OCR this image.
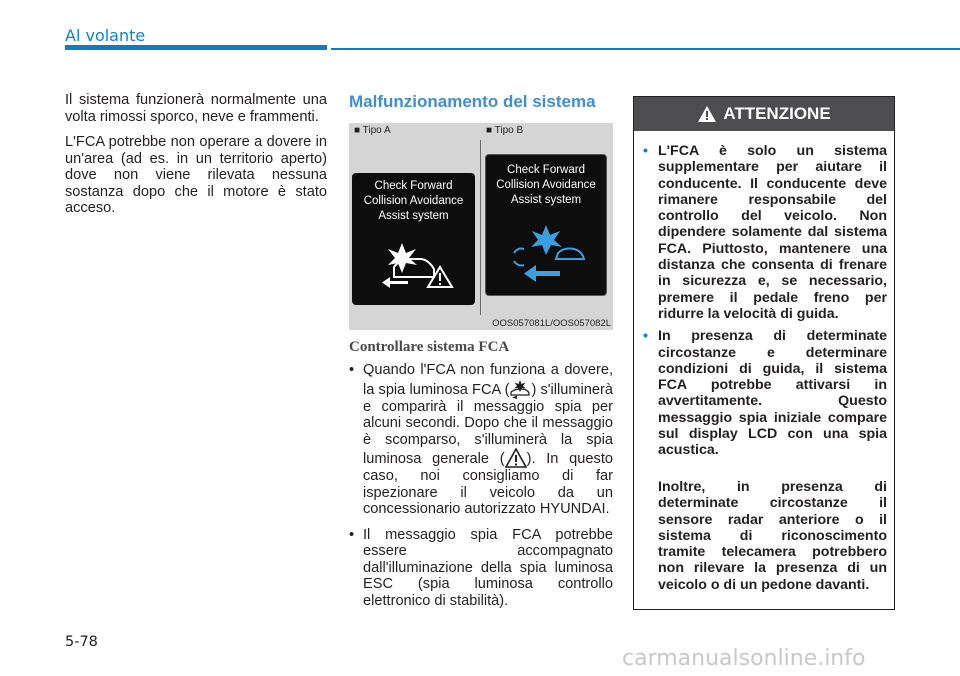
Al volante

Il sistema funzionerà normalmente una volta rimossi sporco, neve e frammenti.

L'FCA potrebbe non operare a dovere in un'area (ad es. in un territorio aperto) dove non viene rilevata nessuna sostanza dopo che il motore è stato acceso.

Malfunzionamento del sistema
■ Tipo A	■ Tipo B
Check Forward
Collision Avoidance
Assist system
Check Forward
Collision Avoidance
Assist system
OOS057081L/OOS057082L
Controllare sistema FCA
• Quando l'FCA non funziona a dovere, la spia luminosa FCA ( ) s'illuminerà e comparirà il messaggio spia per alcuni secondi. Dopo che il messaggio è scomparso, s'illuminerà la spia luminosa generale ( ). In questo caso, noi consigliamo di far ispezionare il veicolo da un concessionario autorizzato HYUNDAI.
• Il messaggio spia FCA potrebbe essere accompagnato dall'illuminazione della spia luminosa ESC (spia luminosa controllo elettronico di stabilità).
ATTENZIONE
• L'FCA è solo un sistema supplementare per aiutare il conducente. Il conducente deve rimanere responsabile del controllo del veicolo. Non dipendere solamente dal sistema FCA. Piuttosto, mantenere una distanza che consenta di frenare in sicurezza e, se necessario, premere il pedale freno per ridurre la velocità di guida.
• In presenza di determinate circostanze e determinare condizioni di guida, il sistema FCA potrebbe attivarsi in avvertitamente. Questo messaggio spia iniziale compare sul display LCD con una spia acustica.

Inoltre, in presenza di determinate circostanze il sensore radar anteriore o il sistema di riconoscimento tramite telecamera potrebbero non rilevare la presenza di un veicolo o di un pedone davanti.

5-78
carmanualsonline.info
